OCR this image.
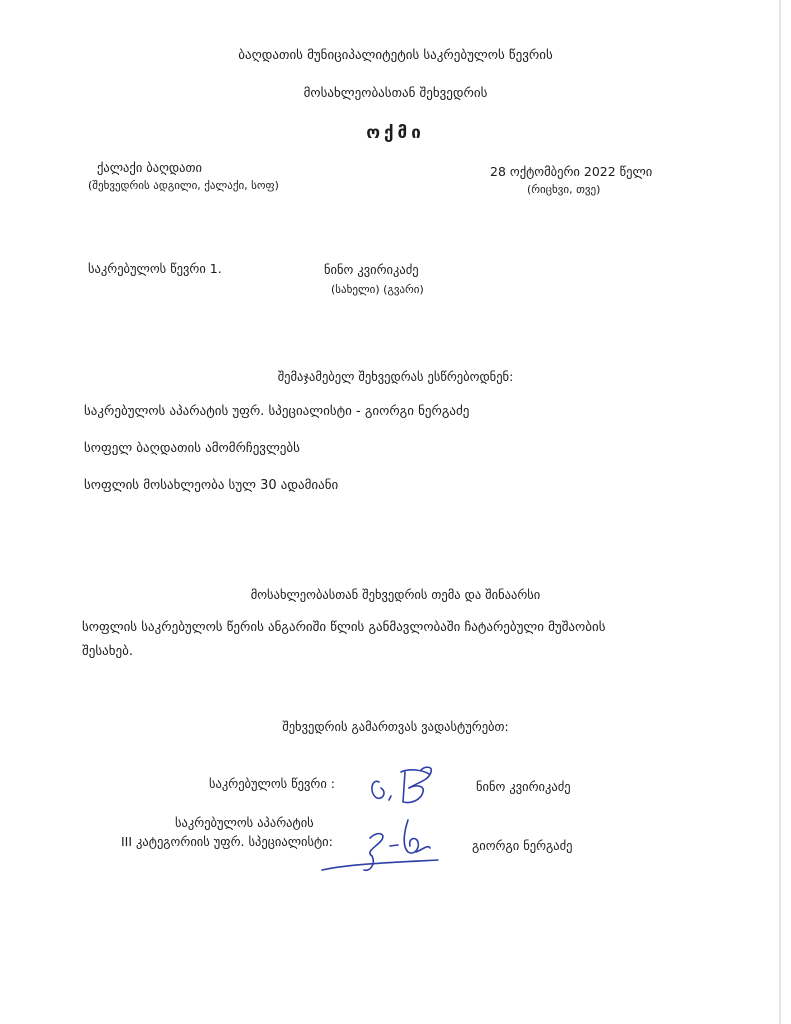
ბაღდათის მუნიციპალიტეტის საკრებულოს წევრის
მოსახლეობასთან შეხვედრის
ოქმი
ქალაქი ბაღდათი
(შეხვედრის ადგილი, ქალაქი, სოფ)
28 ოქტომბერი 2022 წელი
(რიცხვი, თვე)
საკრებულოს წევრი 1.	ნინო კვირიკაძე
(სახელი) (გვარი)
შემაჯამებელ შეხვედრას ესწრებოდნენ:
საკრებულოს აპარატის უფრ. სპეციალისტი - გიორგი ნერგაძე
სოფელ ბაღდათის ამომრჩევლებს
სოფლის მოსახლეობა სულ 30 ადამიანი
მოსახლეობასთან შეხვედრის თემა და შინაარსი
სოფლის საკრებულოს წერის ანგარიში წლის განმავლობაში ჩატარებული მუშაობის
შესახებ.
შეხვედრის გამართვას ვადასტურებთ:
საკრებულოს წევრი :	ნინო კვირიკაძე
საკრებულოს აპარატის
III კატეგორიის უფრ. სპეციალისტი:	გიორგი ნერგაძე
